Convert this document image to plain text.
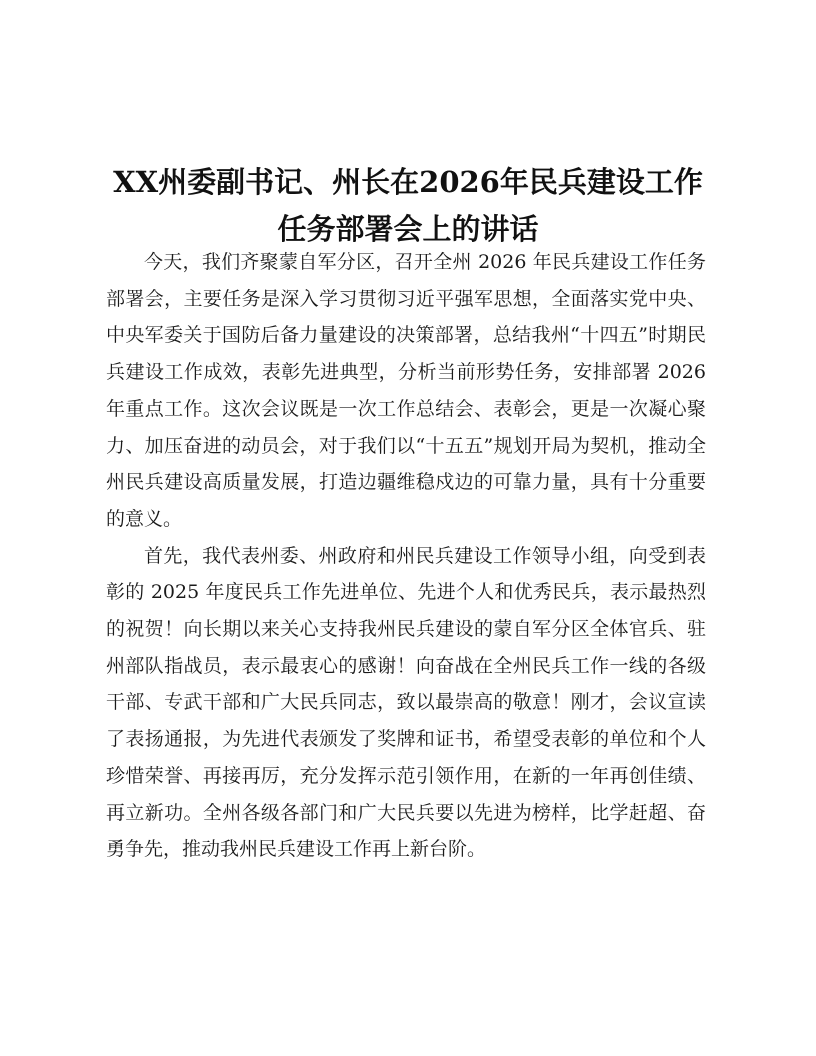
XX州委副书记、州长在2026年民兵建设工作
任务部署会上的讲话

今天，我们齐聚蒙自军分区，召开全州 2026 年民兵建设工作任务部署会，主要任务是深入学习贯彻习近平强军思想，全面落实党中央、中央军委关于国防后备力量建设的决策部署，总结我州“十四五”时期民兵建设工作成效，表彰先进典型，分析当前形势任务，安排部署 2026 年重点工作。这次会议既是一次工作总结会、表彰会，更是一次凝心聚力、加压奋进的动员会，对于我们以“十五五”规划开局为契机，推动全州民兵建设高质量发展，打造边疆维稳戍边的可靠力量，具有十分重要的意义。

首先，我代表州委、州政府和州民兵建设工作领导小组，向受到表彰的 2025 年度民兵工作先进单位、先进个人和优秀民兵，表示最热烈的祝贺！向长期以来关心支持我州民兵建设的蒙自军分区全体官兵、驻州部队指战员，表示最衷心的感谢！向奋战在全州民兵工作一线的各级干部、专武干部和广大民兵同志，致以最崇高的敬意！刚才，会议宣读了表扬通报，为先进代表颁发了奖牌和证书，希望受表彰的单位和个人珍惜荣誉、再接再厉，充分发挥示范引领作用，在新的一年再创佳绩、再立新功。全州各级各部门和广大民兵要以先进为榜样，比学赶超、奋勇争先，推动我州民兵建设工作再上新台阶。
